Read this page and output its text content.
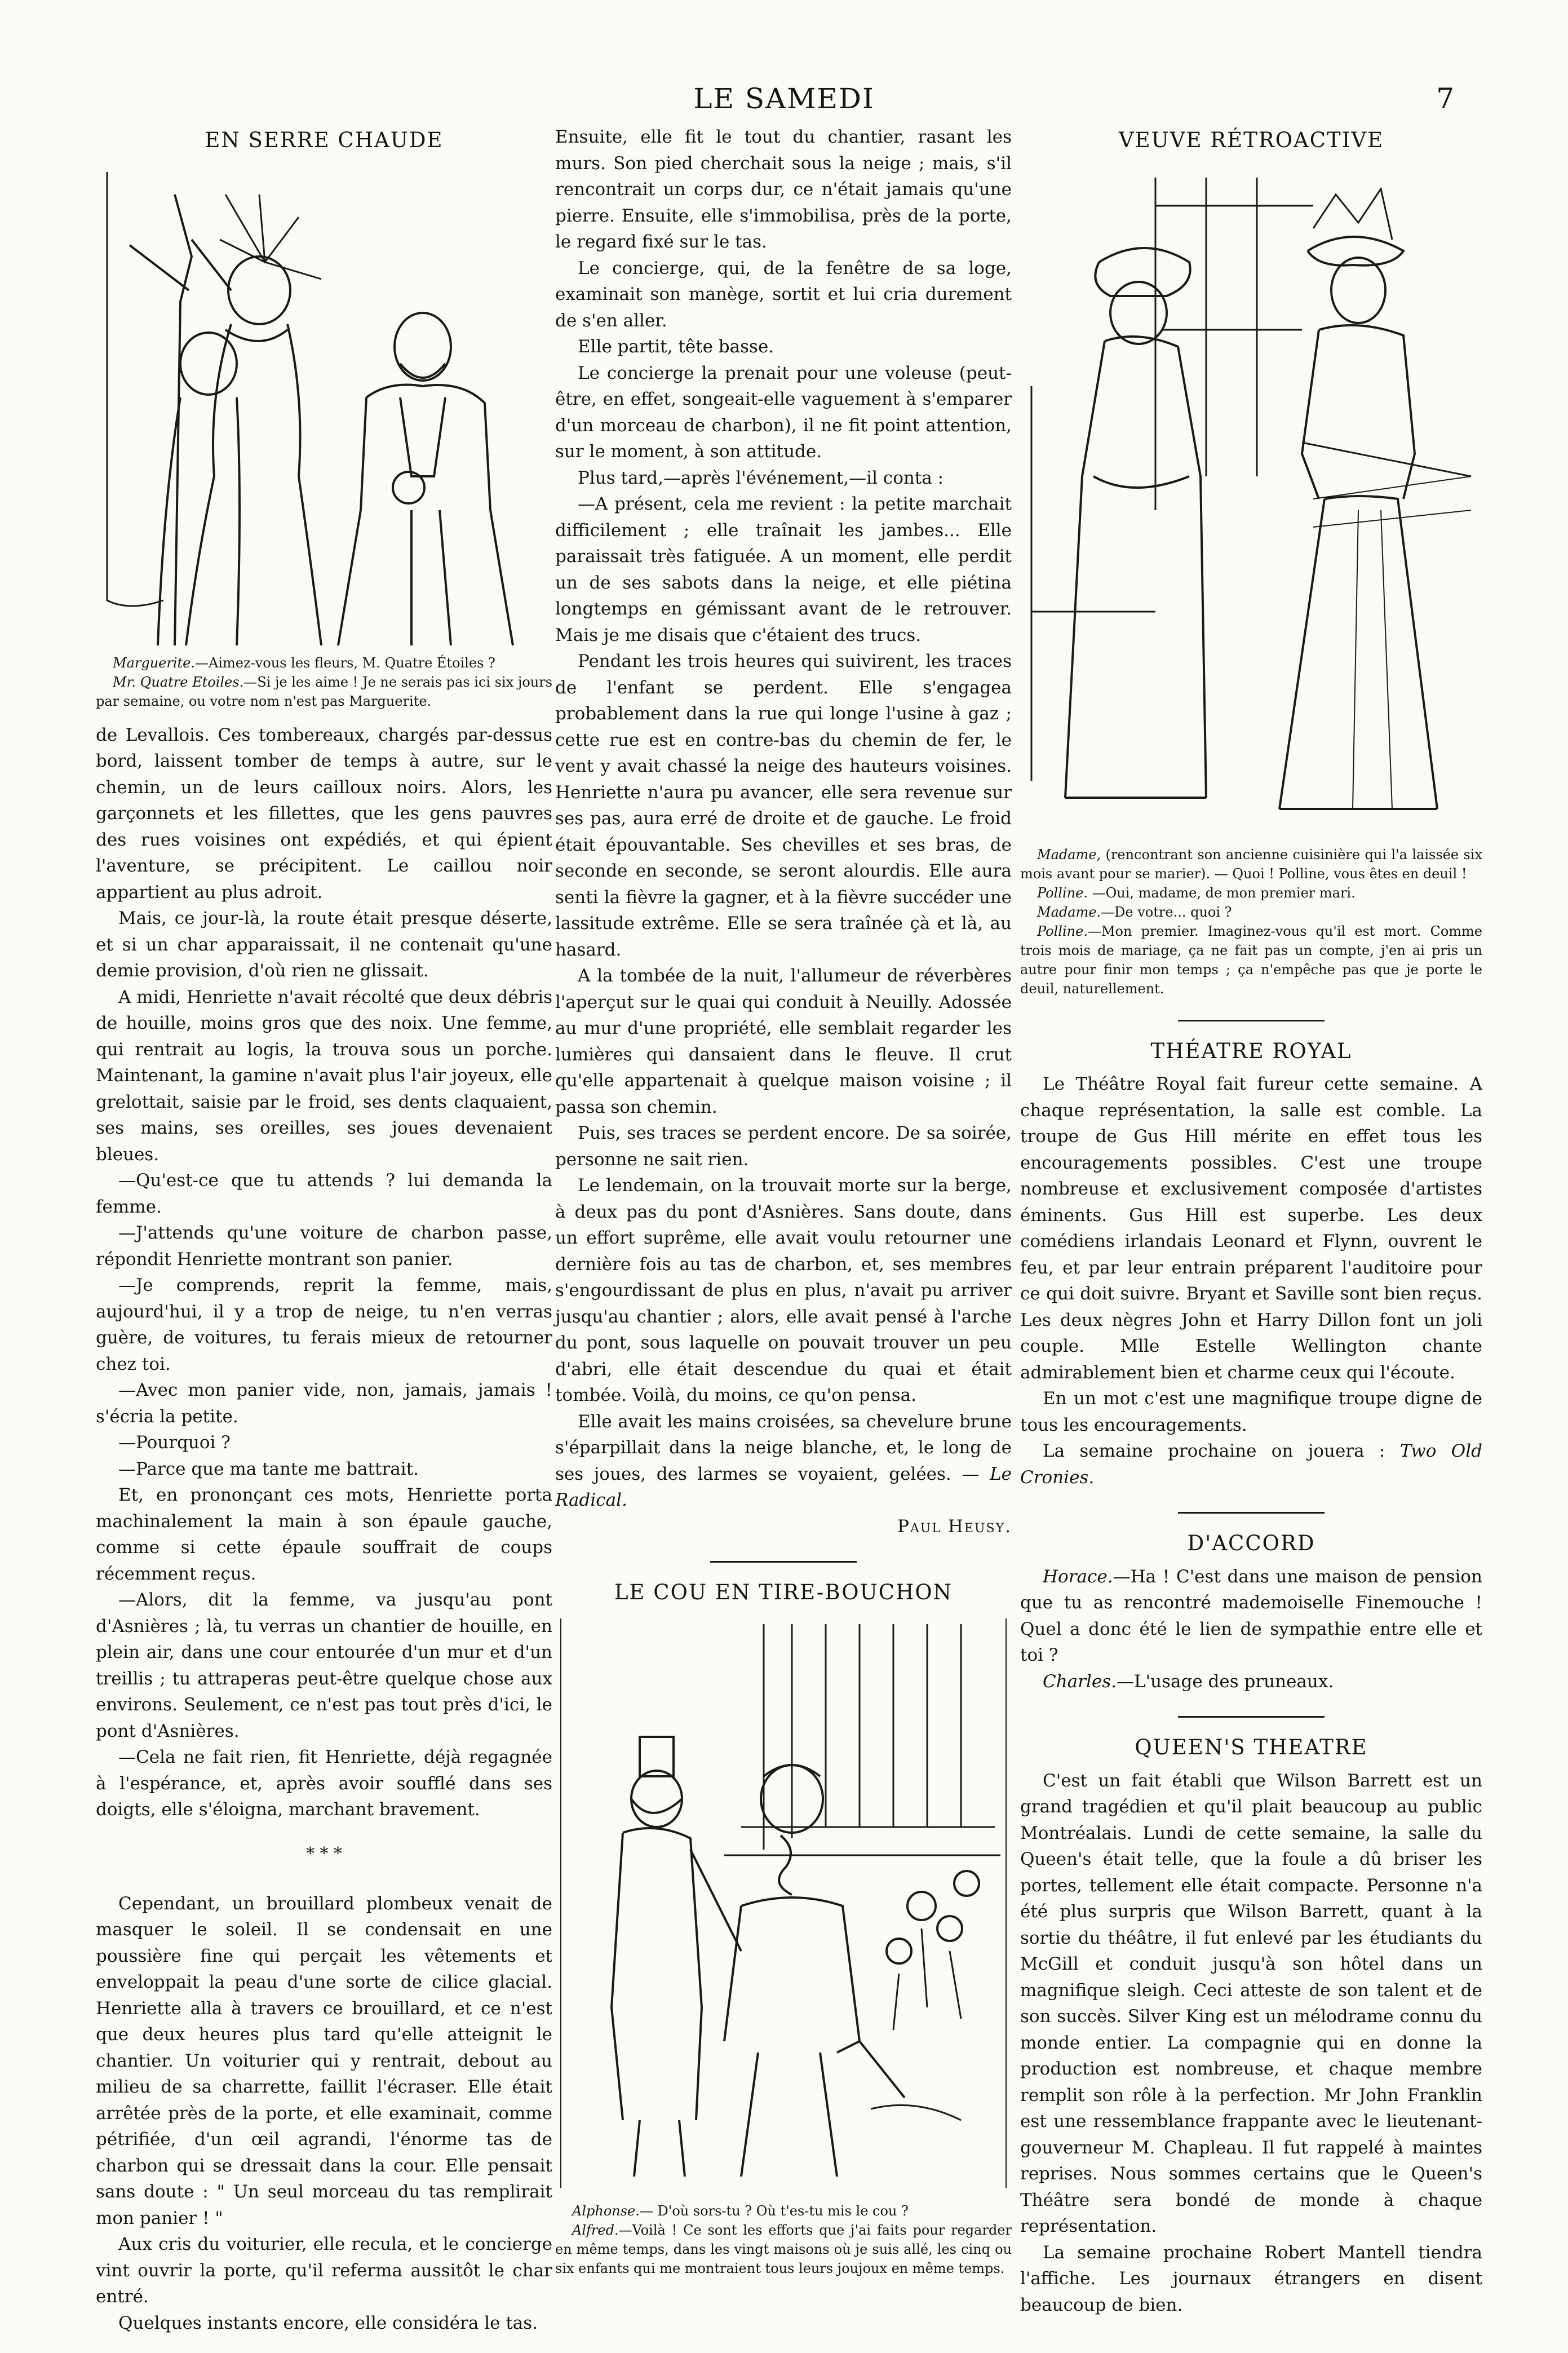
LE SAMEDI	7
EN SERRE CHAUDE

Marguerite.—Aimez-vous les fleurs, M. Quatre Étoiles ?

Mr. Quatre Etoiles.—Si je les aime ! Je ne serais pas ici six jours par semaine, ou votre nom n'est pas Marguerite.

de Levallois. Ces tombereaux, chargés par-dessus bord, laissent tomber de temps à autre, sur le chemin, un de leurs cailloux noirs. Alors, les garçonnets et les fillettes, que les gens pauvres des rues voisines ont expédiés, et qui épient l'aventure, se précipitent. Le caillou noir appartient au plus adroit.

Mais, ce jour-là, la route était presque déserte, et si un char apparaissait, il ne contenait qu'une demie provision, d'où rien ne glissait.

A midi, Henriette n'avait récolté que deux débris de houille, moins gros que des noix. Une femme, qui rentrait au logis, la trouva sous un porche. Maintenant, la gamine n'avait plus l'air joyeux, elle grelottait, saisie par le froid, ses dents claquaient, ses mains, ses oreilles, ses joues devenaient bleues.

—Qu'est-ce que tu attends ? lui demanda la femme.

—J'attends qu'une voiture de charbon passe, répondit Henriette montrant son panier.

—Je comprends, reprit la femme, mais, aujourd'hui, il y a trop de neige, tu n'en verras guère, de voitures, tu ferais mieux de retourner chez toi.

—Avec mon panier vide, non, jamais, jamais ! s'écria la petite.

—Pourquoi ?

—Parce que ma tante me battrait.

Et, en prononçant ces mots, Henriette porta machinalement la main à son épaule gauche, comme si cette épaule souffrait de coups récemment reçus.

—Alors, dit la femme, va jusqu'au pont d'Asnières ; là, tu verras un chantier de houille, en plein air, dans une cour entourée d'un mur et d'un treillis ; tu attraperas peut-être quelque chose aux environs. Seulement, ce n'est pas tout près d'ici, le pont d'Asnières.

—Cela ne fait rien, fit Henriette, déjà regagnée à l'espérance, et, après avoir soufflé dans ses doigts, elle s'éloigna, marchant bravement.

* * *

Cependant, un brouillard plombeux venait de masquer le soleil. Il se condensait en une poussière fine qui perçait les vêtements et enveloppait la peau d'une sorte de cilice glacial. Henriette alla à travers ce brouillard, et ce n'est que deux heures plus tard qu'elle atteignit le chantier. Un voiturier qui y rentrait, debout au milieu de sa charrette, faillit l'écraser. Elle était arrêtée près de la porte, et elle examinait, comme pétrifiée, d'un œil agrandi, l'énorme tas de charbon qui se dressait dans la cour. Elle pensait sans doute : " Un seul morceau du tas remplirait mon panier ! "

Aux cris du voiturier, elle recula, et le concierge vint ouvrir la porte, qu'il referma aussitôt le char entré.

Quelques instants encore, elle considéra le tas.

Ensuite, elle fit le tout du chantier, rasant les murs. Son pied cherchait sous la neige ; mais, s'il rencontrait un corps dur, ce n'était jamais qu'une pierre. Ensuite, elle s'immobilisa, près de la porte, le regard fixé sur le tas.

Le concierge, qui, de la fenêtre de sa loge, examinait son manège, sortit et lui cria durement de s'en aller.

Elle partit, tête basse.

Le concierge la prenait pour une voleuse (peut-être, en effet, songeait-elle vaguement à s'emparer d'un morceau de charbon), il ne fit point attention, sur le moment, à son attitude.

Plus tard,—après l'événement,—il conta :

—A présent, cela me revient : la petite marchait difficilement ; elle traînait les jambes... Elle paraissait très fatiguée. A un moment, elle perdit un de ses sabots dans la neige, et elle piétina longtemps en gémissant avant de le retrouver. Mais je me disais que c'étaient des trucs.

Pendant les trois heures qui suivirent, les traces de l'enfant se perdent. Elle s'engagea probablement dans la rue qui longe l'usine à gaz ; cette rue est en contre-bas du chemin de fer, le vent y avait chassé la neige des hauteurs voisines. Henriette n'aura pu avancer, elle sera revenue sur ses pas, aura erré de droite et de gauche. Le froid était épouvantable. Ses chevilles et ses bras, de seconde en seconde, se seront alourdis. Elle aura senti la fièvre la gagner, et à la fièvre succéder une lassitude extrême. Elle se sera traînée çà et là, au hasard.

A la tombée de la nuit, l'allumeur de réverbères l'aperçut sur le quai qui conduit à Neuilly. Adossée au mur d'une propriété, elle semblait regarder les lumières qui dansaient dans le fleuve. Il crut qu'elle appartenait à quelque maison voisine ; il passa son chemin.

Puis, ses traces se perdent encore. De sa soirée, personne ne sait rien.

Le lendemain, on la trouvait morte sur la berge, à deux pas du pont d'Asnières. Sans doute, dans un effort suprême, elle avait voulu retourner une dernière fois au tas de charbon, et, ses membres s'engourdissant de plus en plus, n'avait pu arriver jusqu'au chantier ; alors, elle avait pensé à l'arche du pont, sous laquelle on pouvait trouver un peu d'abri, elle était descendue du quai et était tombée. Voilà, du moins, ce qu'on pensa.

Elle avait les mains croisées, sa chevelure brune s'éparpillait dans la neige blanche, et, le long de ses joues, des larmes se voyaient, gelées. — Le Radical.

Paul Heusy.

LE COU EN TIRE-BOUCHON

Alphonse.— D'où sors-tu ? Où t'es-tu mis le cou ?

Alfred.—Voilà ! Ce sont les efforts que j'ai faits pour regarder en même temps, dans les vingt maisons où je suis allé, les cinq ou six enfants qui me montraient tous leurs joujoux en même temps.

VEUVE RÉTROACTIVE

Madame, (rencontrant son ancienne cuisinière qui l'a laissée six mois avant pour se marier). — Quoi ! Polline, vous êtes en deuil !

Polline. —Oui, madame, de mon premier mari.

Madame.—De votre... quoi ?

Polline.—Mon premier. Imaginez-vous qu'il est mort. Comme trois mois de mariage, ça ne fait pas un compte, j'en ai pris un autre pour finir mon temps ; ça n'empêche pas que je porte le deuil, naturellement.

THÉATRE ROYAL

Le Théâtre Royal fait fureur cette semaine. A chaque représentation, la salle est comble. La troupe de Gus Hill mérite en effet tous les encouragements possibles. C'est une troupe nombreuse et exclusivement composée d'artistes éminents. Gus Hill est superbe. Les deux comédiens irlandais Leonard et Flynn, ouvrent le feu, et par leur entrain préparent l'auditoire pour ce qui doit suivre. Bryant et Saville sont bien reçus. Les deux nègres John et Harry Dillon font un joli couple. Mlle Estelle Wellington chante admirablement bien et charme ceux qui l'écoute.

En un mot c'est une magnifique troupe digne de tous les encouragements.

La semaine prochaine on jouera : Two Old Cronies.

D'ACCORD

Horace.—Ha ! C'est dans une maison de pension que tu as rencontré mademoiselle Finemouche ! Quel a donc été le lien de sympathie entre elle et toi ?

Charles.—L'usage des pruneaux.

QUEEN'S THEATRE

C'est un fait établi que Wilson Barrett est un grand tragédien et qu'il plait beaucoup au public Montréalais. Lundi de cette semaine, la salle du Queen's était telle, que la foule a dû briser les portes, tellement elle était compacte. Personne n'a été plus surpris que Wilson Barrett, quant à la sortie du théâtre, il fut enlevé par les étudiants du McGill et conduit jusqu'à son hôtel dans un magnifique sleigh. Ceci atteste de son talent et de son succès. Silver King est un mélodrame connu du monde entier. La compagnie qui en donne la production est nombreuse, et chaque membre remplit son rôle à la perfection. Mr John Franklin est une ressemblance frappante avec le lieutenant-gouverneur M. Chapleau. Il fut rappelé à maintes reprises. Nous sommes certains que le Queen's Théâtre sera bondé de monde à chaque représentation.

La semaine prochaine Robert Mantell tiendra l'affiche. Les journaux étrangers en disent beaucoup de bien.
